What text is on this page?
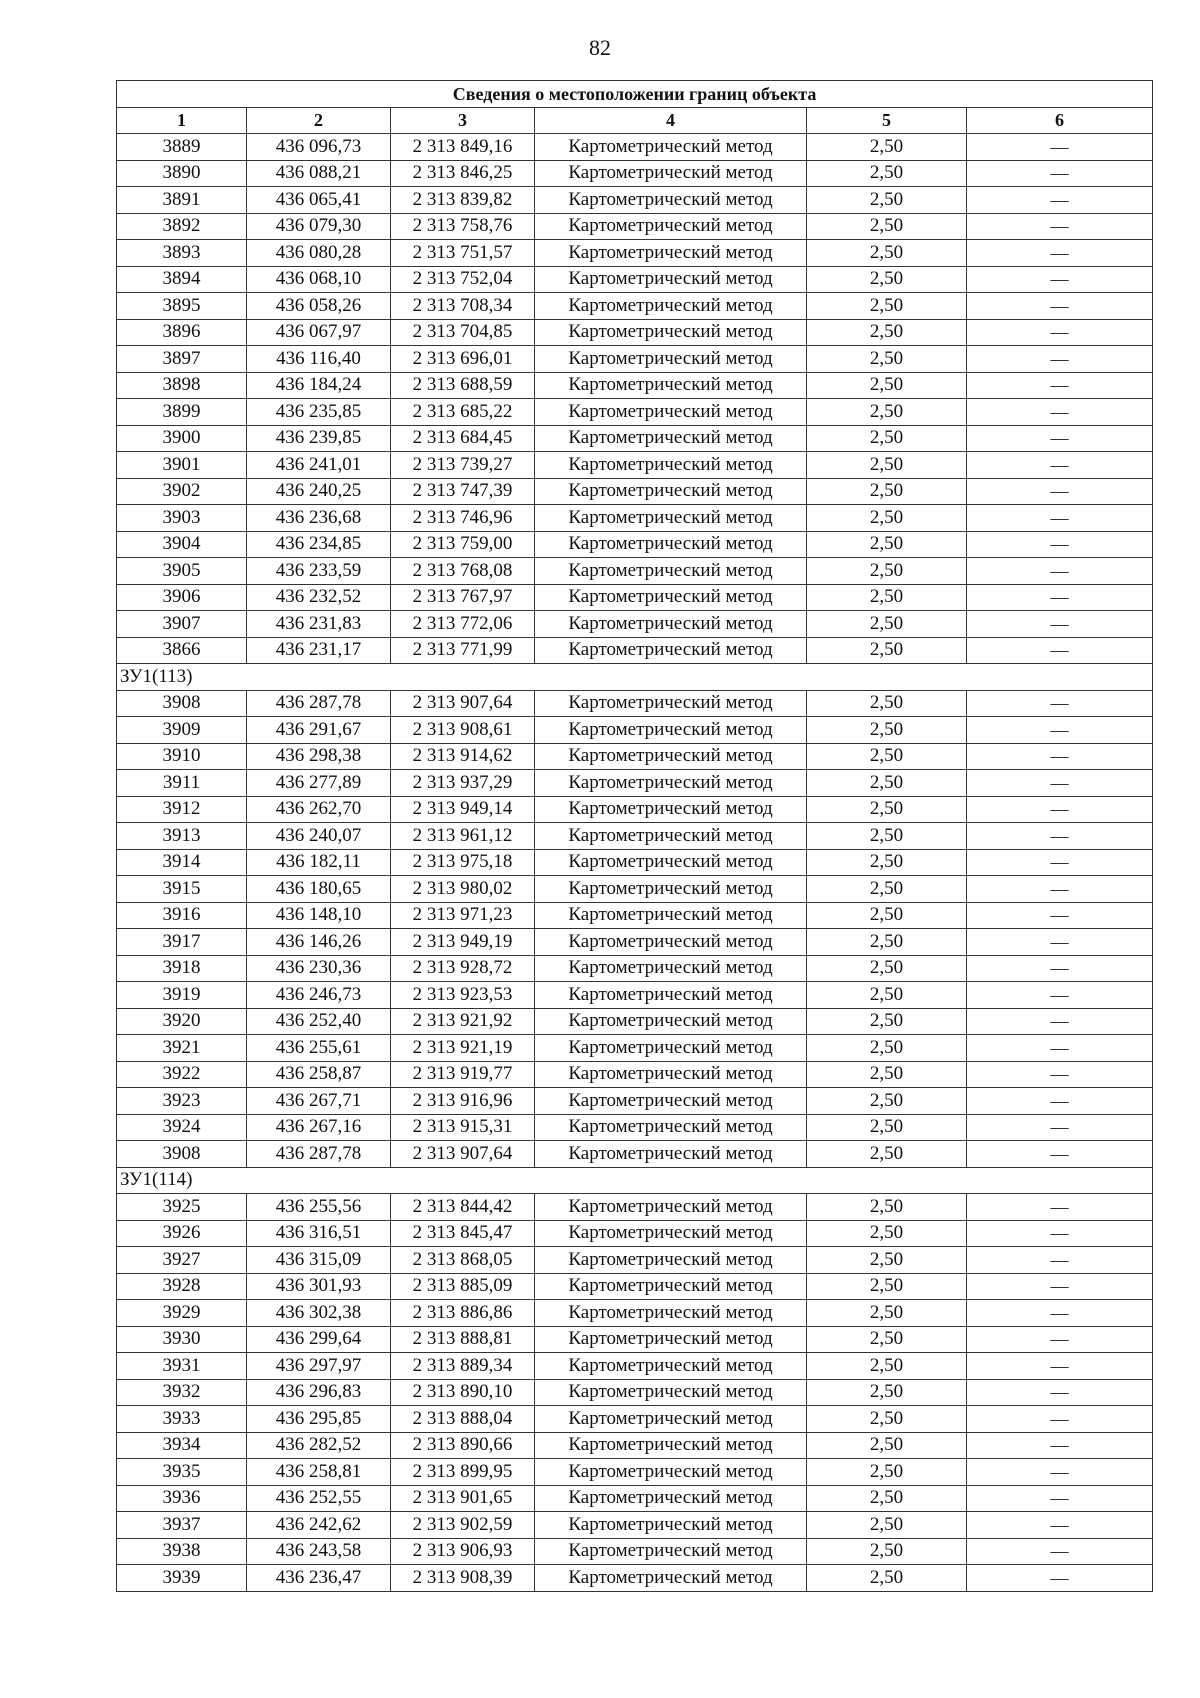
82
Сведения о местоположении границ объекта					
1	2	3	4	5	6
3889	436 096,73	2 313 849,16	Картометрический метод	2,50	—
3890	436 088,21	2 313 846,25	Картометрический метод	2,50	—
3891	436 065,41	2 313 839,82	Картометрический метод	2,50	—
3892	436 079,30	2 313 758,76	Картометрический метод	2,50	—
3893	436 080,28	2 313 751,57	Картометрический метод	2,50	—
3894	436 068,10	2 313 752,04	Картометрический метод	2,50	—
3895	436 058,26	2 313 708,34	Картометрический метод	2,50	—
3896	436 067,97	2 313 704,85	Картометрический метод	2,50	—
3897	436 116,40	2 313 696,01	Картометрический метод	2,50	—
3898	436 184,24	2 313 688,59	Картометрический метод	2,50	—
3899	436 235,85	2 313 685,22	Картометрический метод	2,50	—
3900	436 239,85	2 313 684,45	Картометрический метод	2,50	—
3901	436 241,01	2 313 739,27	Картометрический метод	2,50	—
3902	436 240,25	2 313 747,39	Картометрический метод	2,50	—
3903	436 236,68	2 313 746,96	Картометрический метод	2,50	—
3904	436 234,85	2 313 759,00	Картометрический метод	2,50	—
3905	436 233,59	2 313 768,08	Картометрический метод	2,50	—
3906	436 232,52	2 313 767,97	Картометрический метод	2,50	—
3907	436 231,83	2 313 772,06	Картометрический метод	2,50	—
3866	436 231,17	2 313 771,99	Картометрический метод	2,50	—
ЗУ1(113)					
3908	436 287,78	2 313 907,64	Картометрический метод	2,50	—
3909	436 291,67	2 313 908,61	Картометрический метод	2,50	—
3910	436 298,38	2 313 914,62	Картометрический метод	2,50	—
3911	436 277,89	2 313 937,29	Картометрический метод	2,50	—
3912	436 262,70	2 313 949,14	Картометрический метод	2,50	—
3913	436 240,07	2 313 961,12	Картометрический метод	2,50	—
3914	436 182,11	2 313 975,18	Картометрический метод	2,50	—
3915	436 180,65	2 313 980,02	Картометрический метод	2,50	—
3916	436 148,10	2 313 971,23	Картометрический метод	2,50	—
3917	436 146,26	2 313 949,19	Картометрический метод	2,50	—
3918	436 230,36	2 313 928,72	Картометрический метод	2,50	—
3919	436 246,73	2 313 923,53	Картометрический метод	2,50	—
3920	436 252,40	2 313 921,92	Картометрический метод	2,50	—
3921	436 255,61	2 313 921,19	Картометрический метод	2,50	—
3922	436 258,87	2 313 919,77	Картометрический метод	2,50	—
3923	436 267,71	2 313 916,96	Картометрический метод	2,50	—
3924	436 267,16	2 313 915,31	Картометрический метод	2,50	—
3908	436 287,78	2 313 907,64	Картометрический метод	2,50	—
ЗУ1(114)					
3925	436 255,56	2 313 844,42	Картометрический метод	2,50	—
3926	436 316,51	2 313 845,47	Картометрический метод	2,50	—
3927	436 315,09	2 313 868,05	Картометрический метод	2,50	—
3928	436 301,93	2 313 885,09	Картометрический метод	2,50	—
3929	436 302,38	2 313 886,86	Картометрический метод	2,50	—
3930	436 299,64	2 313 888,81	Картометрический метод	2,50	—
3931	436 297,97	2 313 889,34	Картометрический метод	2,50	—
3932	436 296,83	2 313 890,10	Картометрический метод	2,50	—
3933	436 295,85	2 313 888,04	Картометрический метод	2,50	—
3934	436 282,52	2 313 890,66	Картометрический метод	2,50	—
3935	436 258,81	2 313 899,95	Картометрический метод	2,50	—
3936	436 252,55	2 313 901,65	Картометрический метод	2,50	—
3937	436 242,62	2 313 902,59	Картометрический метод	2,50	—
3938	436 243,58	2 313 906,93	Картометрический метод	2,50	—
3939	436 236,47	2 313 908,39	Картометрический метод	2,50	—
